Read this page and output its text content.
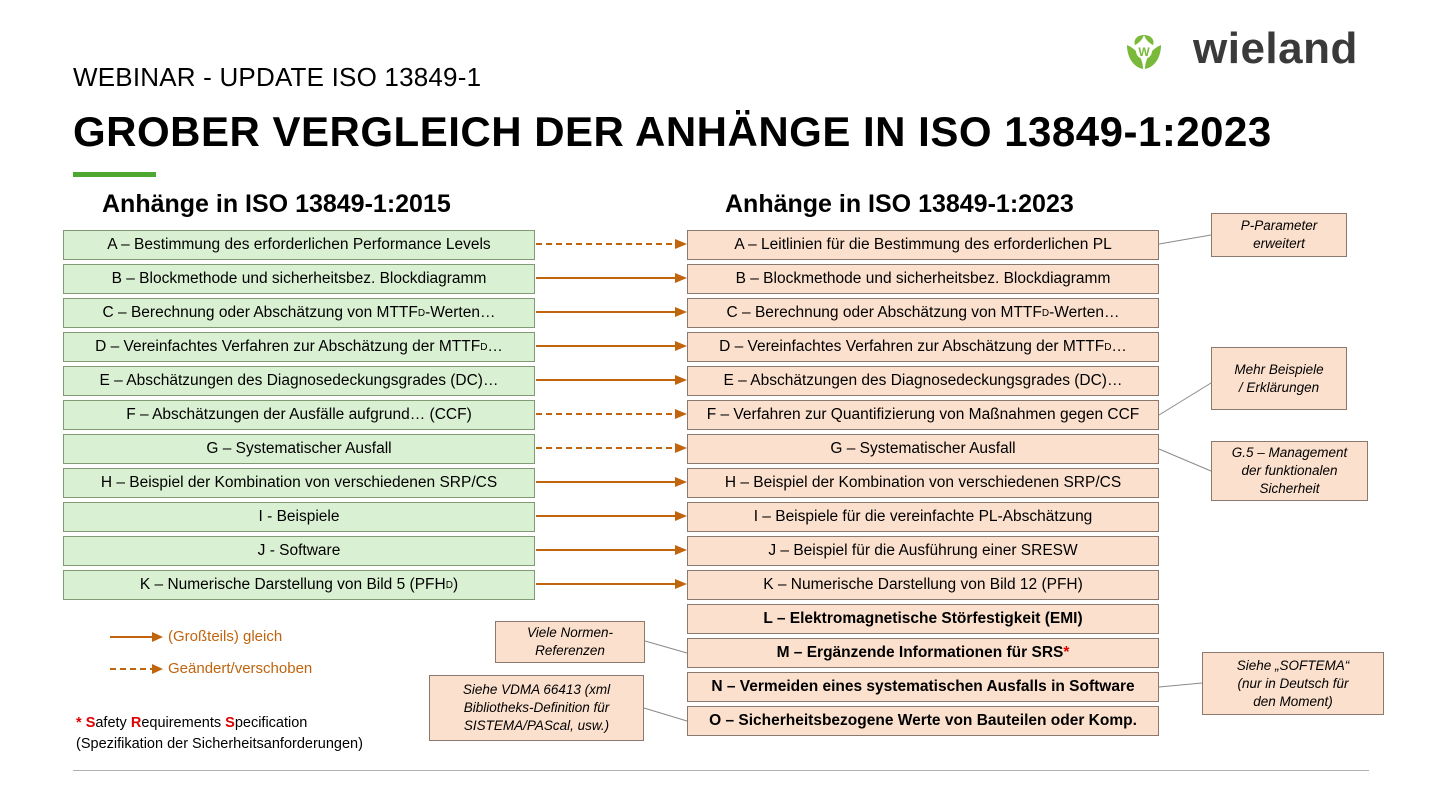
W wieland
WEBINAR - UPDATE ISO 13849-1
GROBER VERGLEICH DER ANHÄNGE IN ISO 13849-1:2023
Anhänge in ISO 13849-1:2015	Anhänge in ISO 13849-1:2023
A – Bestimmung des erforderlichen Performance Levels
B – Blockmethode und sicherheitsbez. Blockdiagramm
C – Berechnung oder Abschätzung von MTTF D -Werten…
D – Vereinfachtes Verfahren zur Abschätzung der MTTF D …
E – Abschätzungen des Diagnosedeckungsgrades (DC)…
F – Abschätzungen der Ausfälle aufgrund… (CCF)
G – Systematischer Ausfall
H – Beispiel der Kombination von verschiedenen SRP/CS
I - Beispiele
J - Software
K – Numerische Darstellung von Bild 5 (PFH D )
A – Leitlinien für die Bestimmung des erforderlichen PL
B – Blockmethode und sicherheitsbez. Blockdiagramm
C – Berechnung oder Abschätzung von MTTF D -Werten…
D – Vereinfachtes Verfahren zur Abschätzung der MTTF D …
E – Abschätzungen des Diagnosedeckungsgrades (DC)…
F – Verfahren zur Quantifizierung von Maßnahmen gegen CCF
G – Systematischer Ausfall
H – Beispiel der Kombination von verschiedenen SRP/CS
I – Beispiele für die vereinfachte PL-Abschätzung
J – Beispiel für die Ausführung einer SRESW
K – Numerische Darstellung von Bild 12 (PFH)
L – Elektromagnetische Störfestigkeit (EMI)
M – Ergänzende Informationen für SRS *
N – Vermeiden eines systematischen Ausfalls in Software
O – Sicherheitsbezogene Werte von Bauteilen oder Komp.
P-Parameter
erweitert
Mehr Beispiele
/ Erklärungen
G.5 – Management
der funktionalen
Sicherheit
Viele Normen-
Referenzen
Siehe VDMA 66413 (xml
Bibliotheks-Definition für
SISTEMA/PAScal, usw.)
Siehe „SOFTEMA“
(nur in Deutsch für
den Moment)
(Großteils) gleich
Geändert/verschoben
* Safety Requirements Specification
(Spezifikation der Sicherheitsanforderungen)
